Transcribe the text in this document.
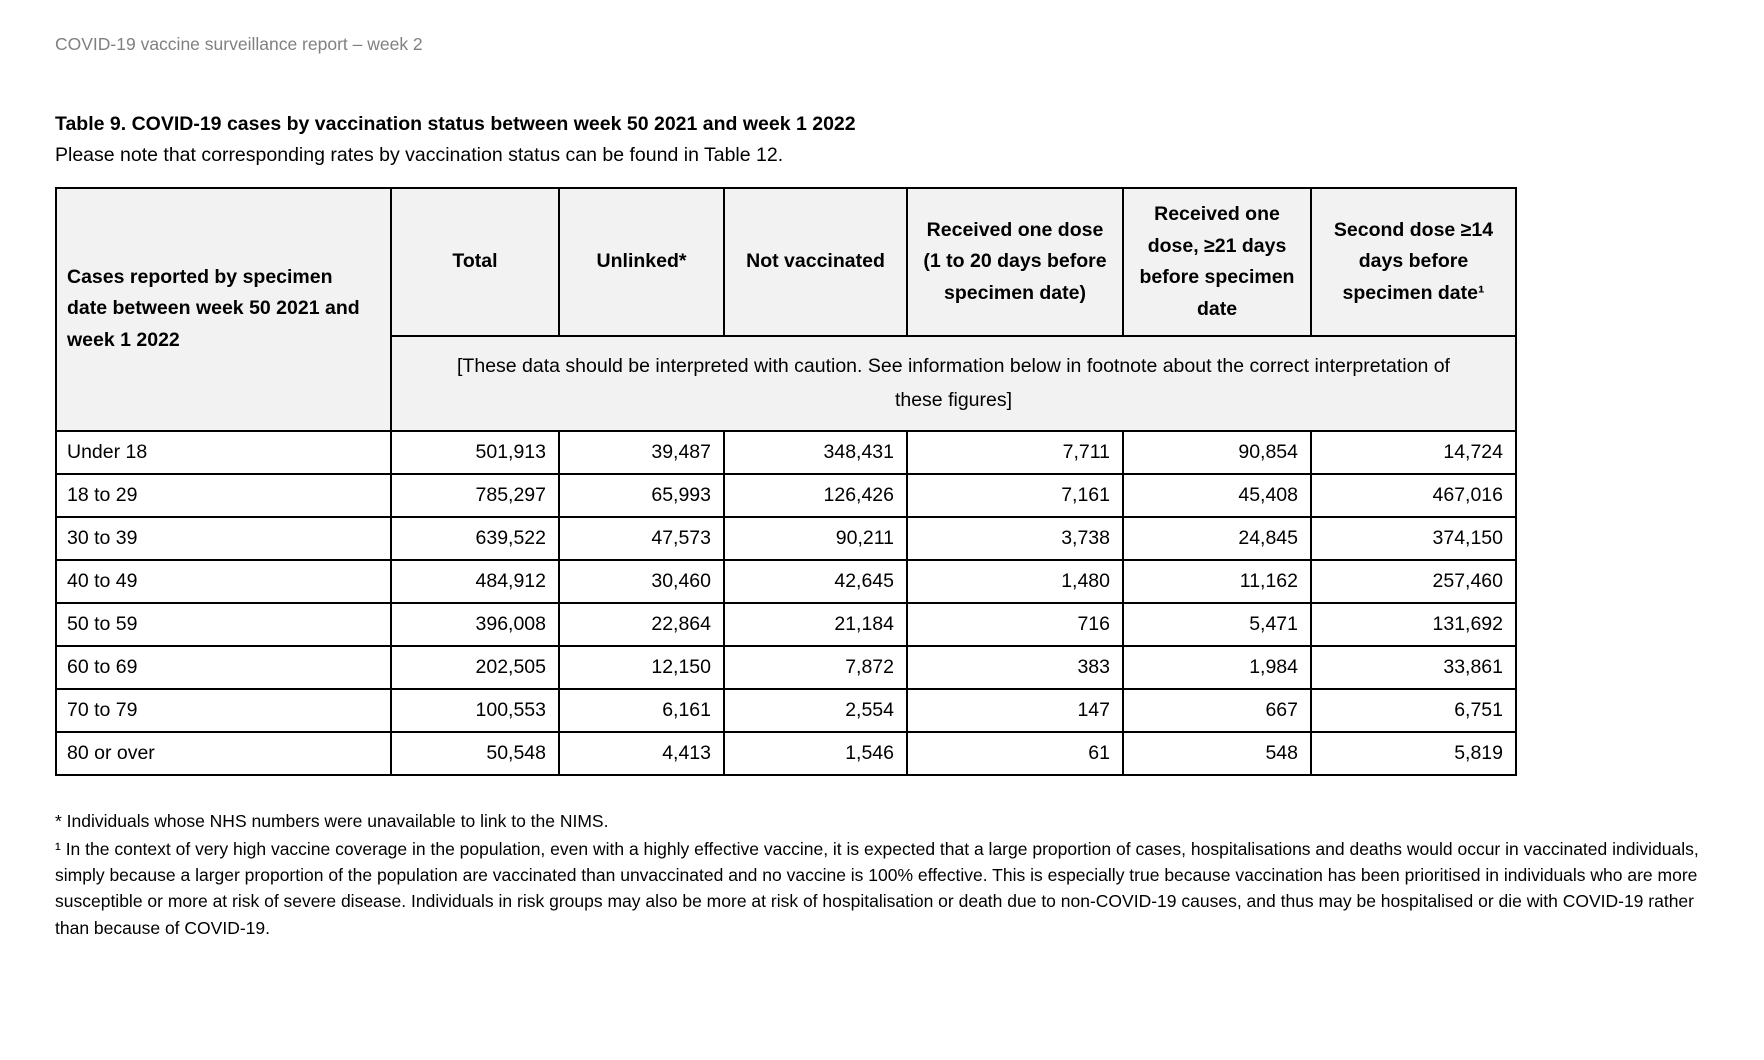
COVID-19 vaccine surveillance report – week 2
Table 9. COVID-19 cases by vaccination status between week 50 2021 and week 1 2022
Please note that corresponding rates by vaccination status can be found in Table 12.
Cases reported by specimen date between week 50 2021 and week 1 2022	Total	Unlinked*	Not vaccinated	Received one dose (1 to 20 days before specimen date)	Received one dose, ≥21 days before specimen date	Second dose ≥14 days before specimen date¹
	[These data should be interpreted with caution. See information below in footnote about the correct interpretation of these figures]					
Under 18	501,913	39,487	348,431	7,711	90,854	14,724
18 to 29	785,297	65,993	126,426	7,161	45,408	467,016
30 to 39	639,522	47,573	90,211	3,738	24,845	374,150
40 to 49	484,912	30,460	42,645	1,480	11,162	257,460
50 to 59	396,008	22,864	21,184	716	5,471	131,692
60 to 69	202,505	12,150	7,872	383	1,984	33,861
70 to 79	100,553	6,161	2,554	147	667	6,751
80 or over	50,548	4,413	1,546	61	548	5,819
* Individuals whose NHS numbers were unavailable to link to the NIMS.
¹ In the context of very high vaccine coverage in the population, even with a highly effective vaccine, it is expected that a large proportion of cases, hospitalisations and deaths would occur in vaccinated individuals, simply because a larger proportion of the population are vaccinated than unvaccinated and no vaccine is 100% effective. This is especially true because vaccination has been prioritised in individuals who are more susceptible or more at risk of severe disease. Individuals in risk groups may also be more at risk of hospitalisation or death due to non-COVID-19 causes, and thus may be hospitalised or die with COVID-19 rather than because of COVID-19.
